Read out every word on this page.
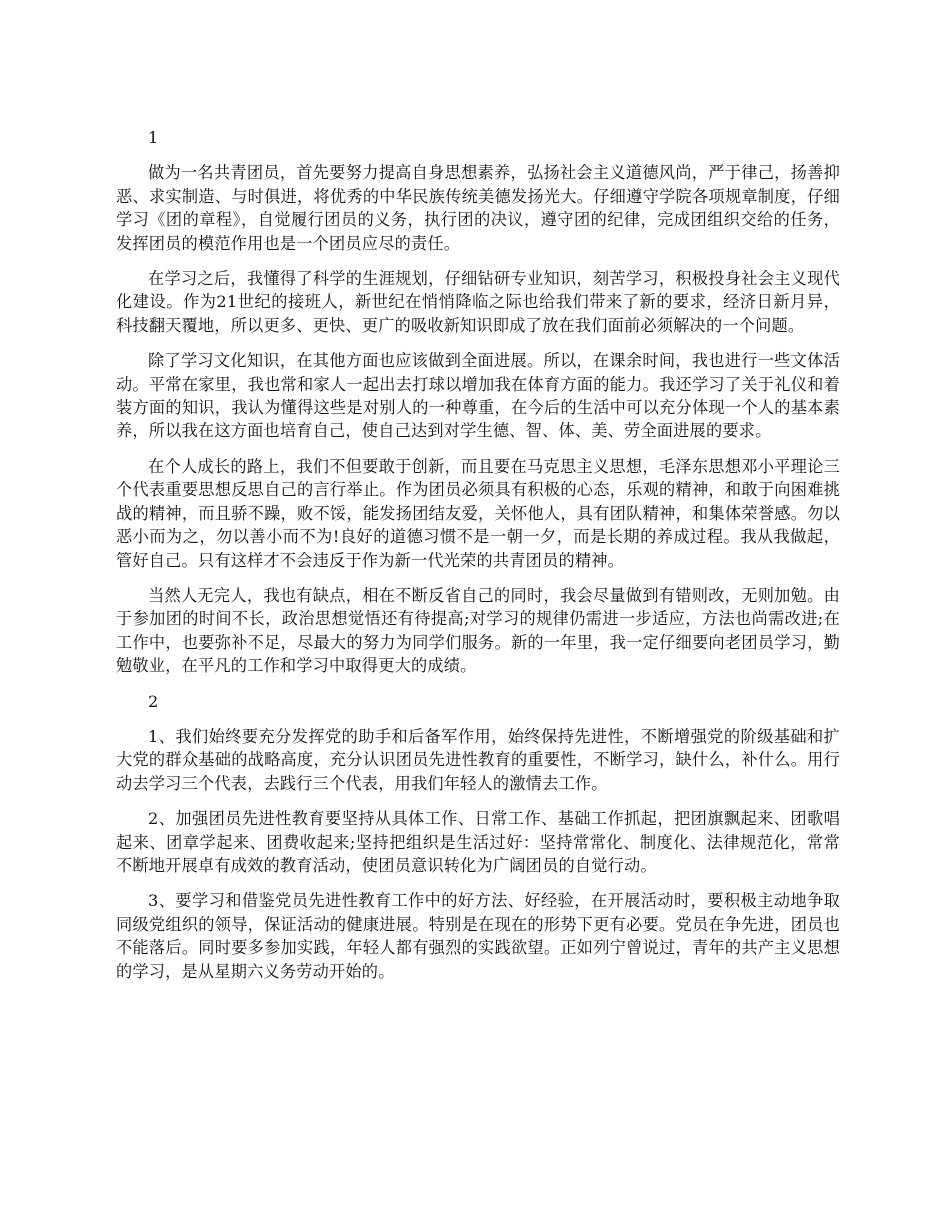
1

做为一名共青团员，首先要努力提高自身思想素养，弘扬社会主义道德风尚，严于律己，扬善抑恶、求实制造、与时俱进，将优秀的中华民族传统美德发扬光大。仔细遵守学院各项规章制度，仔细学习《团的章程》，自觉履行团员的义务，执行团的决议，遵守团的纪律，完成团组织交给的任务，发挥团员的模范作用也是一个团员应尽的责任。

在学习之后，我懂得了科学的生涯规划，仔细钻研专业知识，刻苦学习，积极投身社会主义现代化建设。作为21世纪的接班人，新世纪在悄悄降临之际也给我们带来了新的要求，经济日新月异，科技翻天覆地，所以更多、更快、更广的吸收新知识即成了放在我们面前必须解决的一个问题。

除了学习文化知识，在其他方面也应该做到全面进展。所以，在课余时间，我也进行一些文体活动。平常在家里，我也常和家人一起出去打球以增加我在体育方面的能力。我还学习了关于礼仪和着装方面的知识，我认为懂得这些是对别人的一种尊重，在今后的生活中可以充分体现一个人的基本素养，所以我在这方面也培育自己，使自己达到对学生德、智、体、美、劳全面进展的要求。

在个人成长的路上，我们不但要敢于创新，而且要在马克思主义思想，毛泽东思想邓小平理论三个代表重要思想反思自己的言行举止。作为团员必须具有积极的心态，乐观的精神，和敢于向困难挑战的精神，而且骄不躁，败不馁，能发扬团结友爱，关怀他人，具有团队精神，和集体荣誉感。勿以恶小而为之，勿以善小而不为!良好的道德习惯不是一朝一夕，而是长期的养成过程。我从我做起，管好自己。只有这样才不会违反于作为新一代光荣的共青团员的精神。

当然人无完人，我也有缺点，相在不断反省自己的同时，我会尽量做到有错则改，无则加勉。由于参加团的时间不长，政治思想觉悟还有待提高;对学习的规律仍需进一步适应，方法也尚需改进;在工作中，也要弥补不足，尽最大的努力为同学们服务。新的一年里，我一定仔细要向老团员学习，勤勉敬业，在平凡的工作和学习中取得更大的成绩。

2

1、我们始终要充分发挥党的助手和后备军作用，始终保持先进性，不断增强党的阶级基础和扩大党的群众基础的战略高度，充分认识团员先进性教育的重要性，不断学习，缺什么，补什么。用行动去学习三个代表，去践行三个代表，用我们年轻人的激情去工作。

2、加强团员先进性教育要坚持从具体工作、日常工作、基础工作抓起，把团旗飘起来、团歌唱起来、团章学起来、团费收起来;坚持把组织是生活过好：坚持常常化、制度化、法律规范化，常常不断地开展卓有成效的教育活动，使团员意识转化为广阔团员的自觉行动。

3、要学习和借鉴党员先进性教育工作中的好方法、好经验，在开展活动时，要积极主动地争取同级党组织的领导，保证活动的健康进展。特别是在现在的形势下更有必要。党员在争先进，团员也不能落后。同时要多参加实践，年轻人都有强烈的实践欲望。正如列宁曾说过，青年的共产主义思想的学习，是从星期六义务劳动开始的。
